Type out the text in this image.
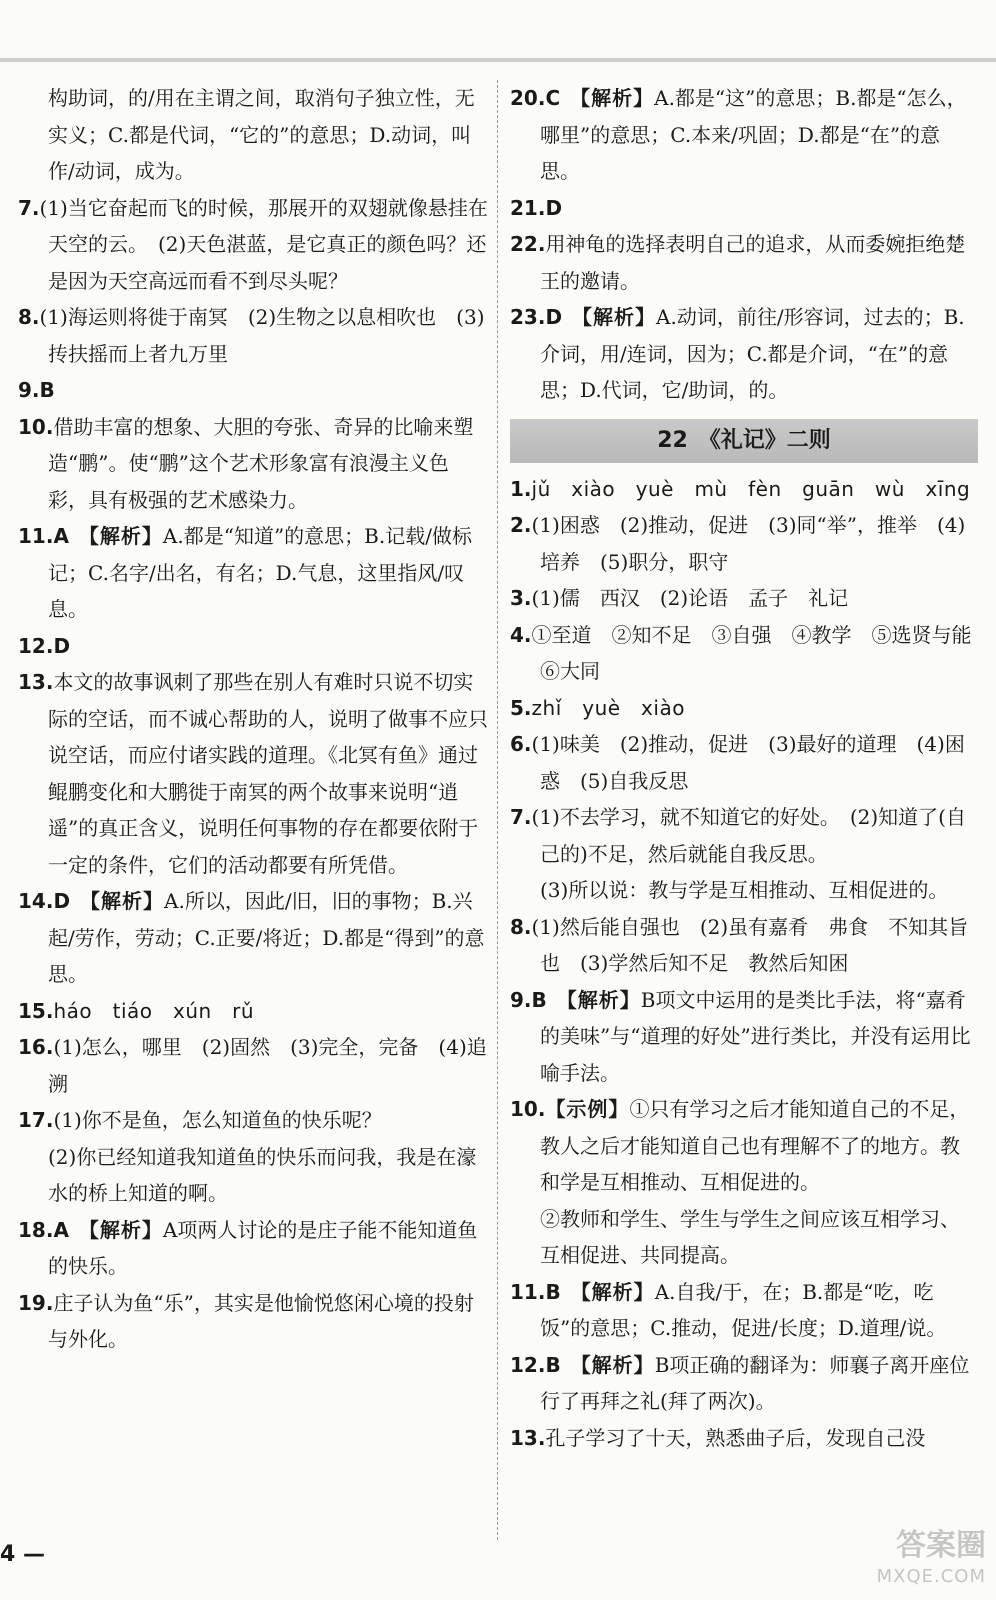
构助词，的/用在主谓之间，取消句子独立性，无实义；C.都是代词，“它的”的意思；D.动词，叫作/动词，成为。

7.(1)当它奋起而飞的时候，那展开的双翅就像悬挂在天空的云。　(2)天色湛蓝，是它真正的颜色吗？还是因为天空高远而看不到尽头呢？

8.(1)海运则将徙于南冥　(2)生物之以息相吹也　(3)抟扶摇而上者九万里

9.B

10.借助丰富的想象、大胆的夸张、奇异的比喻来塑造“鹏”。使“鹏”这个艺术形象富有浪漫主义色彩，具有极强的艺术感染力。

11.A　 【解析】A.都是“知道”的意思；B.记载/做标记；C.名字/出名，有名；D.气息，这里指风/叹息。

12.D

13.本文的故事讽刺了那些在别人有难时只说不切实际的空话，而不诚心帮助的人，说明了做事不应只说空话，而应付诸实践的道理。《北冥有鱼》通过鲲鹏变化和大鹏徙于南冥的两个故事来说明“逍遥”的真正含义，说明任何事物的存在都要依附于一定的条件，它们的活动都要有所凭借。

14.D　 【解析】A.所以，因此/旧，旧的事物；B.兴起/劳作，劳动；C.正要/将近；D.都是“得到”的意思。

15.háo　tiáo　xún　rǔ

16.(1)怎么，哪里　(2)固然　(3)完全，完备　(4)追溯

17.(1)你不是鱼，怎么知道鱼的快乐呢？

(2)你已经知道我知道鱼的快乐而问我，我是在濠水的桥上知道的啊。

18.A　 【解析】A项两人讨论的是庄子能不能知道鱼的快乐。

19.庄子认为鱼“乐”，其实是他愉悦悠闲心境的投射与外化。

20.C　 【解析】A.都是“这”的意思；B.都是“怎么，哪里”的意思；C.本来/巩固；D.都是“在”的意思。

21.D

22.用神龟的选择表明自己的追求，从而委婉拒绝楚王的邀请。

23.D　 【解析】A.动词，前往/形容词，过去的；B.介词，用/连词，因为；C.都是介词，“在”的意思；D.代词，它/助词，的。

22　《礼记》二则

1.jǔ　xiào　yuè　mù　fèn　guān　wù　xīng

2.(1)困惑　(2)推动，促进　(3)同“举”，推举　(4)培养　(5)职分，职守

3.(1)儒　西汉　(2)论语　孟子　礼记

4.①至道　②知不足　③自强　④教学　⑤选贤与能　⑥大同

5.zhǐ　yuè　xiào

6.(1)味美　(2)推动，促进　(3)最好的道理　(4)困惑　(5)自我反思

7.(1)不去学习，就不知道它的好处。　(2)知道了(自己的)不足，然后就能自我反思。

(3)所以说：教与学是互相推动、互相促进的。

8.(1)然后能自强也　(2)虽有嘉肴　弗食　不知其旨也　(3)学然后知不足　教然后知困

9.B　 【解析】B项文中运用的是类比手法，将“嘉肴的美味”与“道理的好处”进行类比，并没有运用比喻手法。

10.【示例】①只有学习之后才能知道自己的不足，教人之后才能知道自己也有理解不了的地方。教和学是互相推动、互相促进的。

②教师和学生、学生与学生之间应该互相学习、互相促进、共同提高。

11.B　 【解析】A.自我/于，在；B.都是“吃，吃饭”的意思；C.推动，促进/长度；D.道理/说。

12.B　 【解析】B项正确的翻译为：师襄子离开座位行了再拜之礼(拜了两次)。

13.孔子学习了十天，熟悉曲子后，发现自己没

4 —	答案圈
MXQE.COM
